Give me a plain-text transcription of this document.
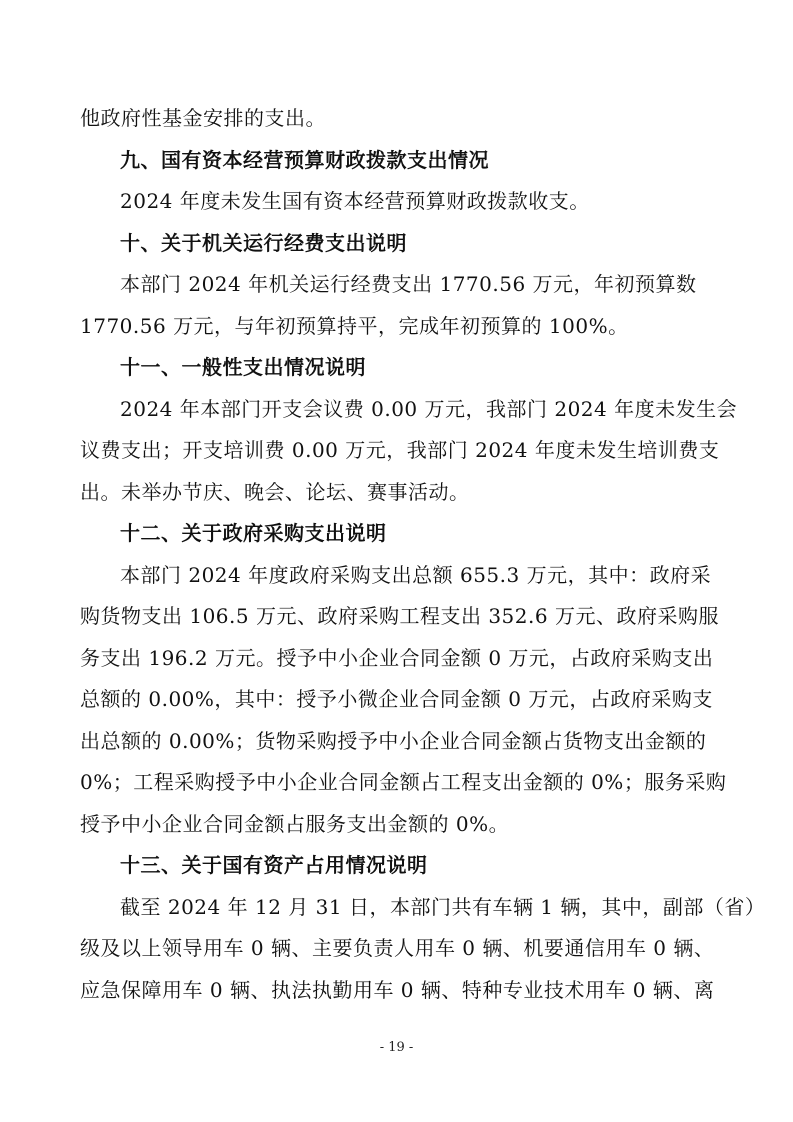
他政府性基金安排的支出。
九、国有资本经营预算财政拨款支出情况
2024 年度未发生国有资本经营预算财政拨款收支。
十、关于机关运行经费支出说明
本部门 2024 年机关运行经费支出 1770.56 万元，年初预算数
1770.56 万元，与年初预算持平，完成年初预算的 100%。
十一、一般性支出情况说明
2024 年本部门开支会议费 0.00 万元，我部门 2024 年度未发生会
议费支出；开支培训费 0.00 万元，我部门 2024 年度未发生培训费支
出。未举办节庆、晚会、论坛、赛事活动。
十二、关于政府采购支出说明
本部门 2024 年度政府采购支出总额 655.3 万元，其中：政府采
购货物支出 106.5 万元、政府采购工程支出 352.6 万元、政府采购服
务支出 196.2 万元。授予中小企业合同金额 0 万元，占政府采购支出
总额的 0.00%，其中：授予小微企业合同金额 0 万元，占政府采购支
出总额的 0.00%；货物采购授予中小企业合同金额占货物支出金额的
0%；工程采购授予中小企业合同金额占工程支出金额的 0%；服务采购
授予中小企业合同金额占服务支出金额的 0%。
十三、关于国有资产占用情况说明
截至 2024 年 12 月 31 日，本部门共有车辆 1 辆，其中，副部（省）
级及以上领导用车 0 辆、主要负责人用车 0 辆、机要通信用车 0 辆、
应急保障用车 0 辆、执法执勤用车 0 辆、特种专业技术用车 0 辆、离
- 19 -
